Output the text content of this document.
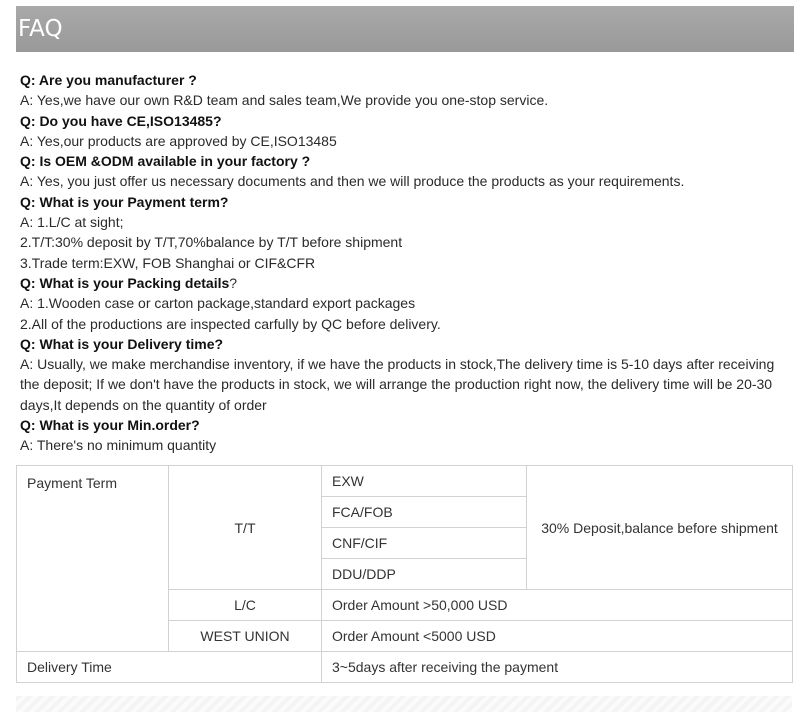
FAQ
Q: Are you manufacturer ?
A: Yes,we have our own R&D team and sales team,We provide you one-stop service.
Q: Do you have CE,ISO13485?
A: Yes,our products are approved by CE,ISO13485
Q: Is OEM &ODM available in your factory ?
A: Yes, you just offer us necessary documents and then we will produce the products as your requirements.
Q: What is your Payment term?
A: 1.L/C at sight;
2.T/T:30% deposit by T/T,70%balance by T/T before shipment
3.Trade term:EXW, FOB Shanghai or CIF&CFR
Q: What is your Packing details?
A: 1.Wooden case or carton package,standard export packages
2.All of the productions are inspected carfully by QC before delivery.
Q: What is your Delivery time?
A: Usually, we make merchandise inventory, if we have the products in stock,The delivery time is 5-10 days after receiving the deposit; If we don't have the products in stock, we will arrange the production right now, the delivery time will be 20-30 days,It depends on the quantity of order
Q: What is your Min.order?
A: There's no minimum quantity
Payment Term	T/T	EXW	30% Deposit,balance before shipment
		FCA/FOB	
		CNF/CIF	
		DDU/DDP	
	L/C	Order Amount >50,000 USD	
	WEST UNION	Order Amount <5000 USD	
Delivery Time		3~5days after receiving the payment	
